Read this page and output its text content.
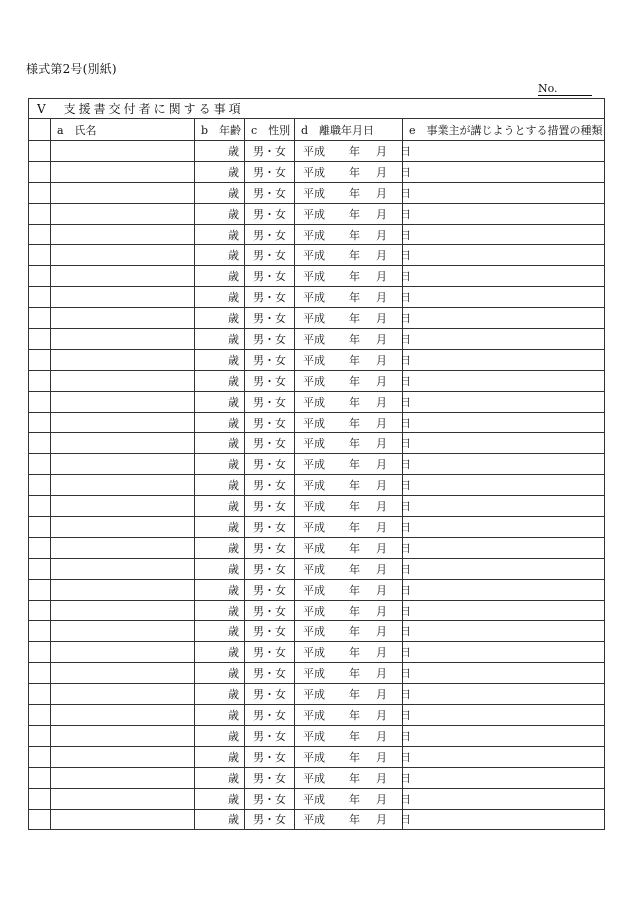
様式第2号(別紙)
No.
V　支援書交付者に関する事項					
	a　氏名	b　年齢	c　性別	d　離職年月日	e　事業主が講じようとする措置の種類
		歳	男・女	平成 年 月 日	

		歳	男・女	平成 年 月 日	

		歳	男・女	平成 年 月 日	

		歳	男・女	平成 年 月 日	

		歳	男・女	平成 年 月 日	

		歳	男・女	平成 年 月 日	

		歳	男・女	平成 年 月 日	

		歳	男・女	平成 年 月 日	

		歳	男・女	平成 年 月 日	

		歳	男・女	平成 年 月 日	

		歳	男・女	平成 年 月 日	

		歳	男・女	平成 年 月 日	

		歳	男・女	平成 年 月 日	

		歳	男・女	平成 年 月 日	

		歳	男・女	平成 年 月 日	

		歳	男・女	平成 年 月 日	

		歳	男・女	平成 年 月 日	

		歳	男・女	平成 年 月 日	

		歳	男・女	平成 年 月 日	

		歳	男・女	平成 年 月 日	

		歳	男・女	平成 年 月 日	

		歳	男・女	平成 年 月 日	

		歳	男・女	平成 年 月 日	

		歳	男・女	平成 年 月 日	

		歳	男・女	平成 年 月 日	

		歳	男・女	平成 年 月 日	

		歳	男・女	平成 年 月 日	

		歳	男・女	平成 年 月 日	

		歳	男・女	平成 年 月 日	

		歳	男・女	平成 年 月 日	

		歳	男・女	平成 年 月 日	

		歳	男・女	平成 年 月 日	

		歳	男・女	平成 年 月 日	
